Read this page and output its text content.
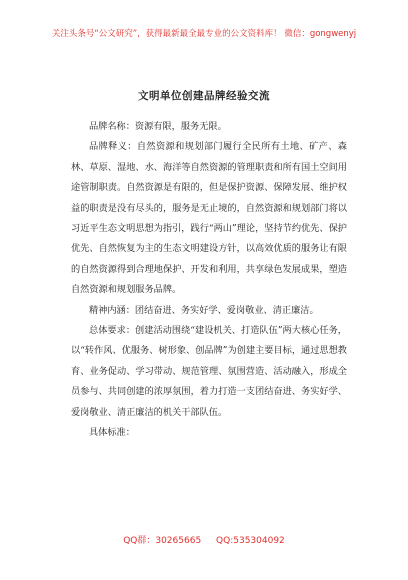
关注头条号“公文研究”，获得最新最全最专业的公文资料库！ 微信：gongwenyj
文明单位创建品牌经验交流

品牌名称：资源有限，服务无限。

品牌释义：自然资源和规划部门履行全民所有土地、矿产、森林、草原、湿地、水、海洋等自然资源的管理职责和所有国土空间用途管制职责。自然资源是有限的，但是保护资源、保障发展、维护权益的职责是没有尽头的，服务是无止境的，自然资源和规划部门将以习近平生态文明思想为指引，践行“两山”理论，坚持节约优先、保护优先、自然恢复为主的生态文明建设方针，以高效优质的服务让有限的自然资源得到合理地保护、开发和利用，共享绿色发展成果，塑造自然资源和规划服务品牌。

精神内涵：团结奋进、务实好学、爱岗敬业、清正廉洁。

总体要求：创建活动围绕“建设机关、打造队伍”两大核心任务，以“转作风、优服务、树形象、创品牌”为创建主要目标，通过思想教育、业务促动、学习带动、规范管理、氛围营造、活动融入，形成全员参与、共同创建的浓厚氛围，着力打造一支团结奋进、务实好学、爱岗敬业、清正廉洁的机关干部队伍。

具体标准：

QQ群：30265665 QQ:535304092
